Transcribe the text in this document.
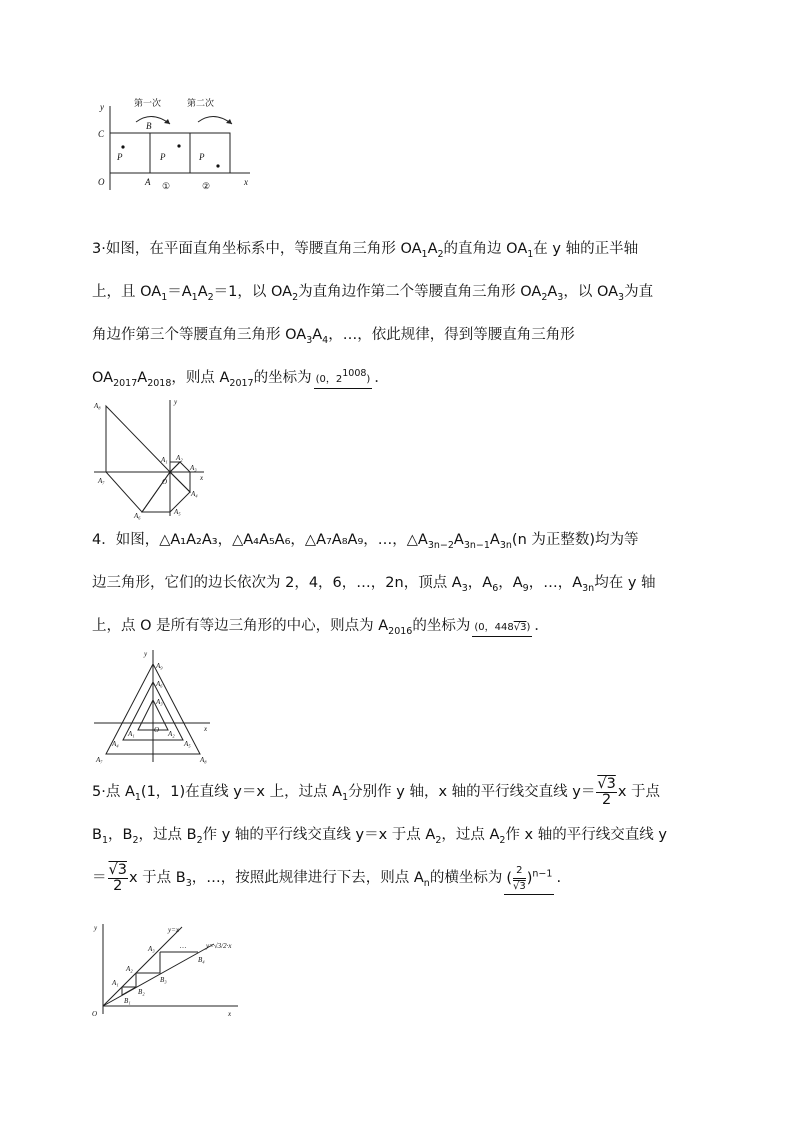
y
C
O
B
A
P	P	P
x
第一次	第二次
①	②
3·如图，在平面直角坐标系中，等腰直角三角形 $OA_1A_2$的直角边 $OA_1$在 y 轴的正半轴
上，且 $OA_1=A_1A_2=1$，以 $OA_2$为直角边作第二个等腰直角三角形 $OA_2A_3$，以 $OA_3$为直
角边作第三个等腰直角三角形 $OA_3A_4$，…，依此规律，得到等腰直角三角形
$OA_{2017}A_{2018}$，则点 $A_{2017}$的坐标为 (0，$2^{1008}$) ．
y
x
O
A₁ A₂
A₃
A₄
A₅
A₆
A₇
A₈
4．如图，△A₁A₂A₃，△A₄A₅A₆，△A₇A₈A₉，…，$\triangle A_{3n-2}A_{3n-1}A_{3n}(n$ 为正整数)均为等
边三角形，它们的边长依次为 2，4，6，…，2n，顶点 $A_3$，$A_6$，$A_9$，…，$A_{3n}$均在 y 轴
上，点 O 是所有等边三角形的中心，则点为 $A_{2016}$的坐标为 (0，448√3) ．
y
A₉
A₆
A₃
x
O
A₁	A₂
A₄	A₅
A₇	A₈
5·点 $A_1(1$，1)在直线 y＝x 上，过点 $A_1$分别作 y 轴，x 轴的平行线交直线 $y= \frac{√3}{2}$ x 于点
$B_1$，$B_2$，过点 $B_2$作 y 轴的平行线交直线 y＝x 于点 $A_2$，过点 $A_2$作 x 轴的平行线交直线 y
＝ $\frac{√3}{2}$ x 于点 $B_3$，…，按照此规律进行下去，则点 $A_n$的横坐标为 ( $\frac{2}{√3} )^{n-1}$ .
y
x
O
y=x
y=√3/2·x
A₁
A₂
A₃
B₁
B₂
B₃
B₄
…
